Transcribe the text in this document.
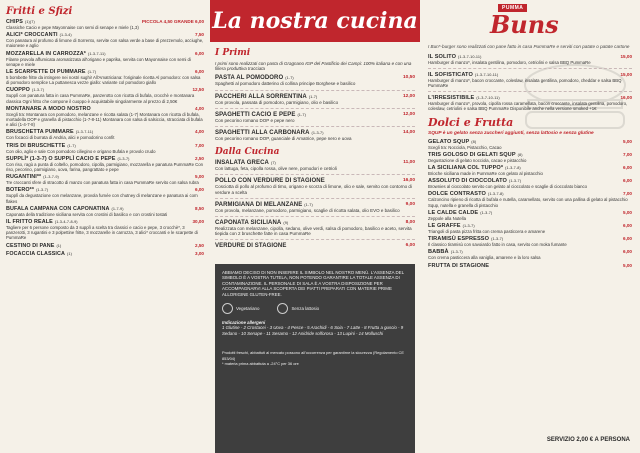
Fritti e Sfizi
CHIPS (1)(7)	PICCOLA 4,50 GRANDE 6,00
Classiche Cacio e pepe Mayonnaise con semi di senape e miele (1,3)
ALICI* CROCCANTI (1-3-4)	7,50
Con panatura al profumo di limone di Sorrento, servite con salsa verde a base di prezzemolo, acciughe, maionese e aglio
MOZZARELLA IN CARROZZA* (1-3-7-11)	6,00
Filante provola affumicata aromatizzata all'origano e paprika, servita con Mayonnaise con semi di senape e miele
LE SCARPETTE DI PUMMARE (1-7)	6,00
5 bombette fritte da intingere nei nostri sughi! All'Amatriciana: l'originale ricetta Al pomodoro: con salsa di pomodoro semplice La puttanesca vezze giallo: variante col pomodoro giallo
CUOPPO (1-3-7)	12,50
Supplì con panatura fatta in casa PummaRe, panzerotto con ricotta di bufala, crocchè e montanara classica Ogni fritto che compone il cuoppo è acquistabile singolarmente al prezzo di 2,50€
MONTANARE A MODO NOSTRO	4,00
Scegli tra: Montanara con pomodoro, melanzane e ricotta salata (1-7) Montanara con ricotta di bufala, mortadella DOP e granella di pistacchio (1-7-8-11) Montanara con salsa di salsiccia, stracciata di bufala e alici (1-4-7-8)
BRUSCHETTA PUMMARE (1-3-7-11)	4,00
Con focacci di burrata di Andria, alici e pomodorino confit
TRIS DI BRUSCHETTE (1-7)	7,00
Con olio, aglio e sale Con pomodoro ciliegino e origano Bufala e provolo crudo
SUPPLÌ* (1-3-7) O SUPPLÌ CACIO E PEPE (1-3-7)	2,50
Con riso, ragù a punta di coltello, pomodoro, cipolla, parmigiano, mozzarella e panatura PummaRe Con riso, pecorino, parmigiano, uova, farina, pangrattato e pepe
RUGANTINI** (1-3-7-9)	5,00
Tre croccanti sfere di stracotto di manzo con panatura fatta in casa PummaRe servito con salsa rubra
BOTERO** (1-3-7)	6,00
Supplì da degustazione con melanzane, provola fumée con chutney di melanzane e panatura ai corn flakes
BUFALA CAMPANA CON CAPONATINA (1-7-9)	8,50
Caponata della tradizione siciliana servita con crostini di basilico e con crostini tostati
IL FRITTO REALE (1-3-4-7-8-9)	30,00
Tagliere per 6 persone composto da 3 supplì a scelta tra classici e cacio e pepe, 3 crocchè*, 3 panzerotti, 3 rugantini e 3 polpettine fritte, 3 mozzarelle in carrozza, 3 alici* croccanti e le scarpette di PummaRe
CESTINO DI PANE (1)	2,50
FOCACCIA CLASSICA (1)	3,00
La nostra cucina
I Primi
I primi sono realizzati con pasta di Gragnano IGP del Pastificio dei Campi: 100% italiana e con una filiera produttiva tracciata
PASTA AL POMODORO (1-7)	10,50
Spaghetti al pomodoro datterino di collina principe Borghese e basilico
PACCHERI ALLA SORRENTINA (1-7)	12,00
Con provola, passata di pomodoro, parmigiano, olio e basilico
SPAGHETTI CACIO E PEPE (1-7)	12,00
Con pecorino romano DOP e pepe nero
SPAGHETTI ALLA CARBONARA (1-3-7)	14,00
Con pecorino romano DOP, guanciale di Amatrice, pepe nero e uova
Dalla Cucina
INSALATA GRECA (7)	11,00
Con lattuga, feta, cipolla rossa, olive nere, pomodori e cetrioli
POLLO CON VERDURE DI STAGIONE	16,00
Cosciotta di pollo al profumo di timo, origano e scorza di limone, olio e sale, servito con contorno di verdure a scelta
PARMIGIANA DI MELANZANE (1-7)	9,00
Con provola, melanzane, pomodoro, parmigiano, scaglie di ricotta salata, olio EVO e basilico
CAPONATA SICILIANA (9)	8,00
Realizzata con melanzane, cipolla, sedano, olive verdi, salsa di pomodoro, basilico e aceto, servita tiepida con 2 bruschette fatte in casa PummaRe
VERDURE DI STAGIONE	6,00
ABBIAMO DECISO DI NON INSERIRE IL SIMBOLO NEL NOSTRO MENÙ. L'ASSENZA DEL SIMBOLO È A VOSTRA TUTELA, NON POTENDO GARANTIRE LA TOTALE ASSENZA DI CONTAMINAZIONE. IL PERSONALE DI SALA È A VOSTRA DISPOSIZIONE PER ACCOMPAGNARVI ALLA SCOPERTA DEI PIATTI PREPARATI CON MATERIE PRIME ALLORIGINE GLUTEN-FREE.
Vegetariano	Senza lattosio
Indicazione allergeni
1 Glutine - 2 Crostacei - 3 Uova - 4 Pesce - 5 Arachidi - 6 Soia - 7 Latte - 8 Frutta a guscio - 9 Sedano - 10 Senape - 11 Sesamo - 12 Anidride solforosa - 13 Lupini - 14 Molluschi
Prodotti freschi, abbattuti al mercato possono all'occorrenza per garantirne la sicurezza (Regolamento CE 853/04)
* materia prima abbattuta a -24°C per 36 ore
PUMMA
Buns
I Bun*-burger sono realizzati con pane fatto in casa PummaRe e serviti con patate o patate cartone
IL SOLITO (1-3-7-10-11)	15,00
Hamburger di manzo*, insalata gentilina, pomodoro, cetriolini e salsa BBQ PummaRe
IL SOFISTICATO (1-3-7-10-11)	15,00
Hamburger di manzo*, bacon croccante, coleslaw, insalata gentilina, pomodoro, cheddar e salsa BBQ PummaRe
L'IRRESISTIBILE (1-3-7-10-11)	16,00
Hamburger di manzo*, provola, cipolla rossa caramellata, bacon croccante, insalata gentilina, pomodoro, coleslaw, cetriolini e salsa BBQ PummaRe Disponibile anche nella versione smoked +1€
Dolci e Frutta
SQUP è un gelato senza zuccheri aggiunti, senza lattosio e senza glutine
GELATO SQUP (8)	5,00
Scegli tra: Nocciola, Pistacchio, Cacao
TRIS GOLOSO DI GELATI SQUP (8)	7,00
Degustazione di gelato nocciola, cacao e pistacchio
LA SICILIANA COL TUPPO* (1-3-7-8)	6,00
Brioche siciliana made in PummaRe con gelato al pistacchio
ASSOLUTO DI CIOCCOLATO (1-3-7)	6,00
Brownies al cioccolato servito con gelato al cioccolato e scaglie di cioccolato bianco
DOLCE CONTRASTO (1-3-7-8)	7,00
Calzoncino ripieno di ricotta di bufala e nutella, caramellato, servito con una pallina di gelato al pistacchio Squp, nutella e granella di pistacchio
LE CALDE CALDE (1-3-7)	5,00
Zeppole alla Nutella
LE GRAFFE (1-3-7)	6,00
Triangoli di pasta pizza fritta con crema pasticcera e amarene
TIRAMISÙ ESPRESSO (1-3-7)	6,00
Il classico tiramisù con savoiardo fatto in casa, servito con moka fumante
BABBÀ (1-3-7)	6,00
Con crema pasticcera alla vaniglia, amarene e la loro salsa
FRUTTA DI STAGIONE	5,00
SERVIZIO 2,00 € A PERSONA
